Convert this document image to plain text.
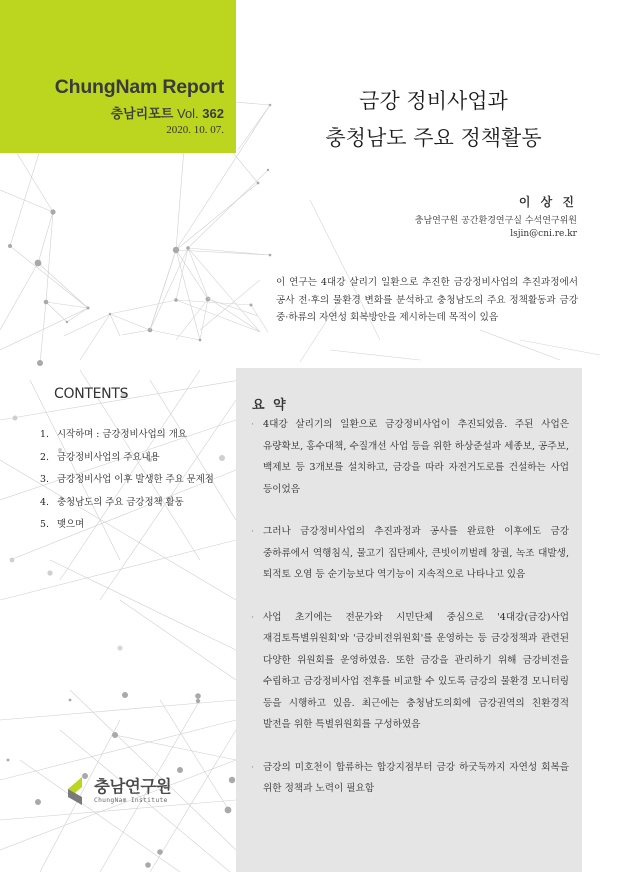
ChungNam Report
충남리포트 Vol. 362
2020. 10. 07.
금강 정비사업과
충청남도 주요 정책활동
이 상 진
충남연구원 공간환경연구실 수석연구위원
lsjin@cni.re.kr
이 연구는 4대강 살리기 일환으로 추진한 금강정비사업의 추진과정에서 공사 전·후의 물환경 변화를 분석하고 충청남도의 주요 정책활동과 금강 중·하류의 자연성 회복방안을 제시하는데 목적이 있음
CONTENTS
1. 시작하며 : 금강정비사업의 개요
2. 금강정비사업의 주요내용
3. 금강정비사업 이후 발생한 주요 문제점
4. 충청남도의 주요 금강정책 활동
5. 맺으며
요 약
· 4대강 살리기의 일환으로 금강정비사업이 추진되었음. 주된 사업은 유량확보, 홍수대책, 수질개선 사업 등을 위한 하상준설과 세종보, 공주보, 백제보 등 3개보를 설치하고, 금강을 따라 자전거도로를 건설하는 사업 등이었음
· 그러나 금강정비사업의 추진과정과 공사를 완료한 이후에도 금강 중하류에서 역행침식, 물고기 집단폐사, 큰빗이끼벌레 창궐, 녹조 대발생, 퇴적토 오염 등 순기능보다 역기능이 지속적으로 나타나고 있음
· 사업 초기에는 전문가와 시민단체 중심으로 '4대강(금강)사업 재검토특별위원회'와 '금강비전위원회'를 운영하는 등 금강정책과 관련된 다양한 위원회를 운영하였음. 또한 금강을 관리하기 위해 금강비전을 수립하고 금강정비사업 전후를 비교할 수 있도록 금강의 물환경 모니터링 등을 시행하고 있음. 최근에는 충청남도의회에 금강권역의 친환경적 발전을 위한 특별위원회를 구성하였음
· 금강의 미호천이 합류하는 합강지점부터 금강 하굿둑까지 자연성 회복을 위한 정책과 노력이 필요함
충남연구원
ChungNam Institute
